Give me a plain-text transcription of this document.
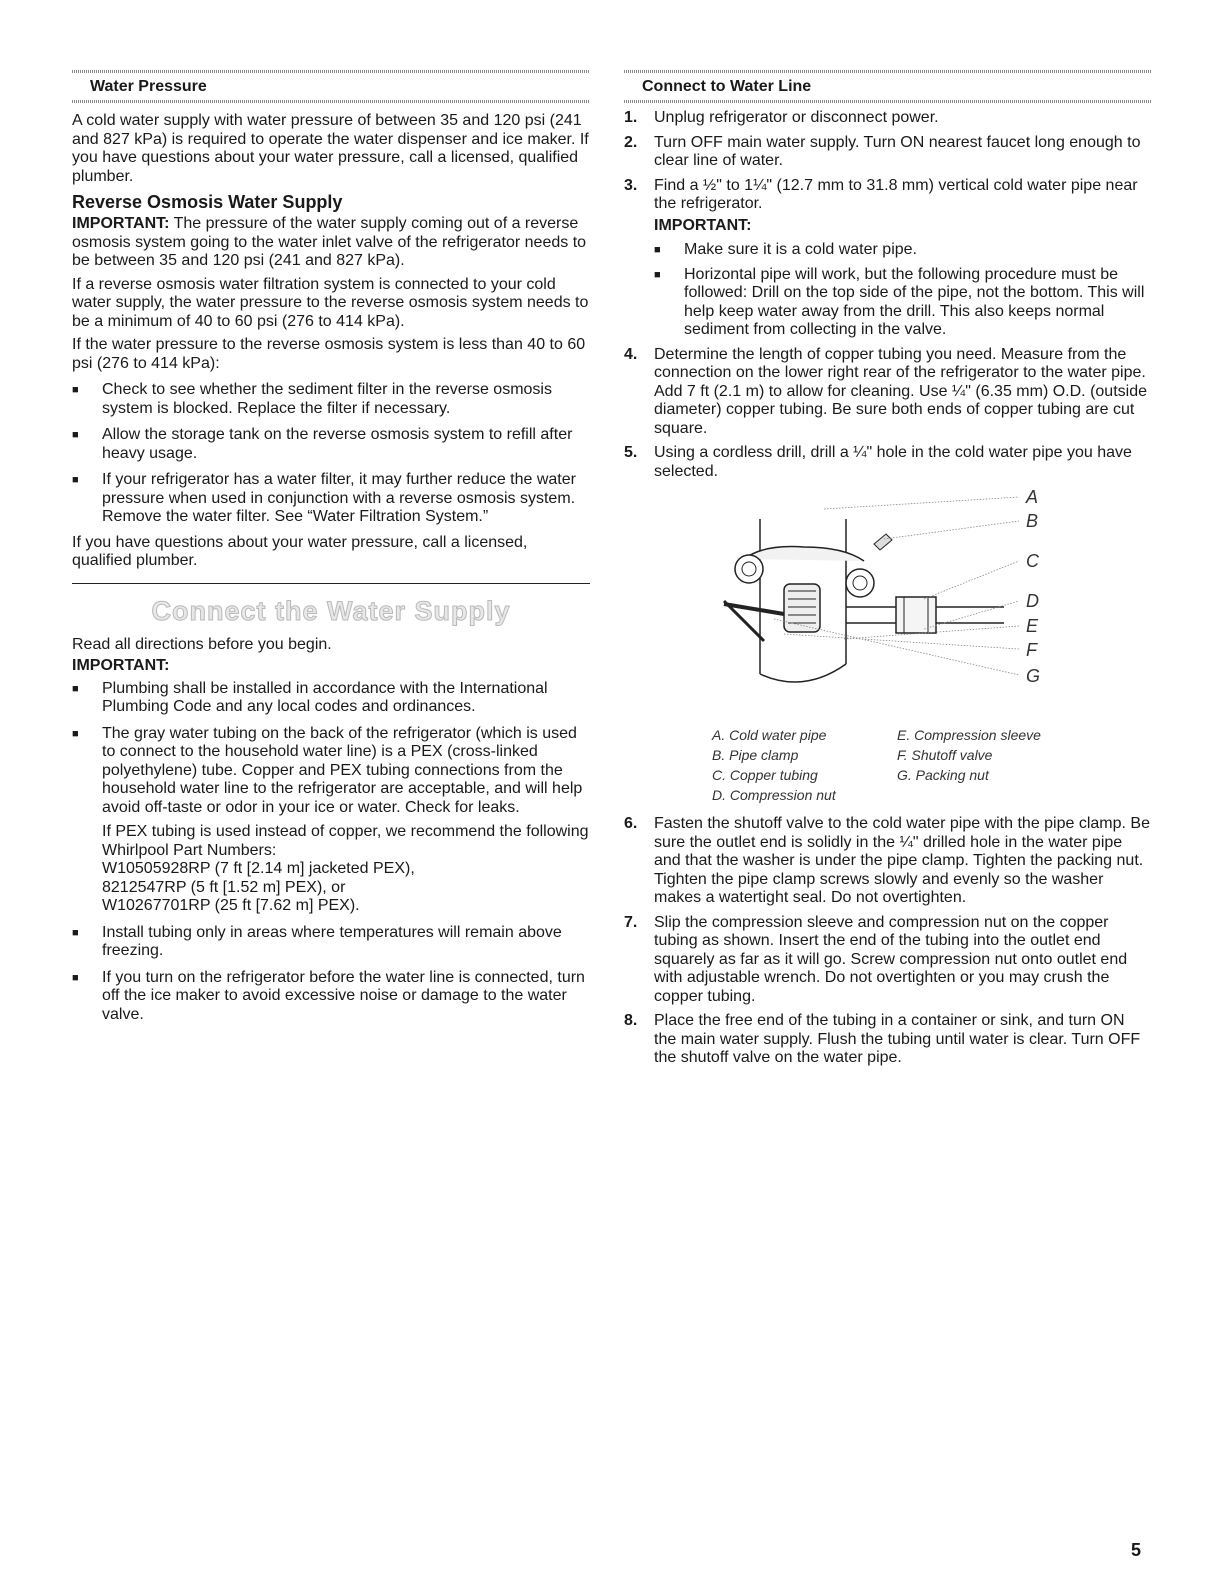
Water Pressure

A cold water supply with water pressure of between 35 and 120 psi (241 and 827 kPa) is required to operate the water dispenser and ice maker. If you have questions about your water pressure, call a licensed, qualified plumber.

Reverse Osmosis Water Supply

IMPORTANT: The pressure of the water supply coming out of a reverse osmosis system going to the water inlet valve of the refrigerator needs to be between 35 and 120 psi (241 and 827 kPa).

If a reverse osmosis water filtration system is connected to your cold water supply, the water pressure to the reverse osmosis system needs to be a minimum of 40 to 60 psi (276 to 414 kPa).

If the water pressure to the reverse osmosis system is less than 40 to 60 psi (276 to 414 kPa):

■ Check to see whether the sediment filter in the reverse osmosis system is blocked. Replace the filter if necessary.
■ Allow the storage tank on the reverse osmosis system to refill after heavy usage.
■ If your refrigerator has a water filter, it may further reduce the water pressure when used in conjunction with a reverse osmosis system. Remove the water filter. See “Water Filtration System.”

If you have questions about your water pressure, call a licensed, qualified plumber.

Connect the Water Supply

Read all directions before you begin.

IMPORTANT:

■ Plumbing shall be installed in accordance with the International Plumbing Code and any local codes and ordinances.
■ The gray water tubing on the back of the refrigerator (which is used to connect to the household water line) is a PEX (cross-linked polyethylene) tube. Copper and PEX tubing connections from the household water line to the refrigerator are acceptable, and will help avoid off-taste or odor in your ice or water. Check for leaks.
If PEX tubing is used instead of copper, we recommend the following Whirlpool Part Numbers:
W10505928RP (7 ft [2.14 m] jacketed PEX),
8212547RP (5 ft [1.52 m] PEX), or
W10267701RP (25 ft [7.62 m] PEX).
■ Install tubing only in areas where temperatures will remain above freezing.
■ If you turn on the refrigerator before the water line is connected, turn off the ice maker to avoid excessive noise or damage to the water valve.
Connect to Water Line
1. Unplug refrigerator or disconnect power.
2. Turn OFF main water supply. Turn ON nearest faucet long enough to clear line of water.
3. Find a ½" to 1¼" (12.7 mm to 31.8 mm) vertical cold water pipe near the refrigerator.
IMPORTANT:
■ Make sure it is a cold water pipe.
■ Horizontal pipe will work, but the following procedure must be followed: Drill on the top side of the pipe, not the bottom. This will help keep water away from the drill. This also keeps normal sediment from collecting in the valve.
4. Determine the length of copper tubing you need. Measure from the connection on the lower right rear of the refrigerator to the water pipe. Add 7 ft (2.1 m) to allow for cleaning. Use ¼" (6.35 mm) O.D. (outside diameter) copper tubing. Be sure both ends of copper tubing are cut square.
5. Using a cordless drill, drill a ¼" hole in the cold water pipe you have selected.
A
B
C
D
E
F
G
A. Cold water pipe	E. Compression sleeve
B. Pipe clamp	F. Shutoff valve
C. Copper tubing	G. Packing nut
D. Compression nut
6. Fasten the shutoff valve to the cold water pipe with the pipe clamp. Be sure the outlet end is solidly in the ¼" drilled hole in the water pipe and that the washer is under the pipe clamp. Tighten the packing nut. Tighten the pipe clamp screws slowly and evenly so the washer makes a watertight seal. Do not overtighten.
7. Slip the compression sleeve and compression nut on the copper tubing as shown. Insert the end of the tubing into the outlet end squarely as far as it will go. Screw compression nut onto outlet end with adjustable wrench. Do not overtighten or you may crush the copper tubing.
8. Place the free end of the tubing in a container or sink, and turn ON the main water supply. Flush the tubing until water is clear. Turn OFF the shutoff valve on the water pipe.
5
